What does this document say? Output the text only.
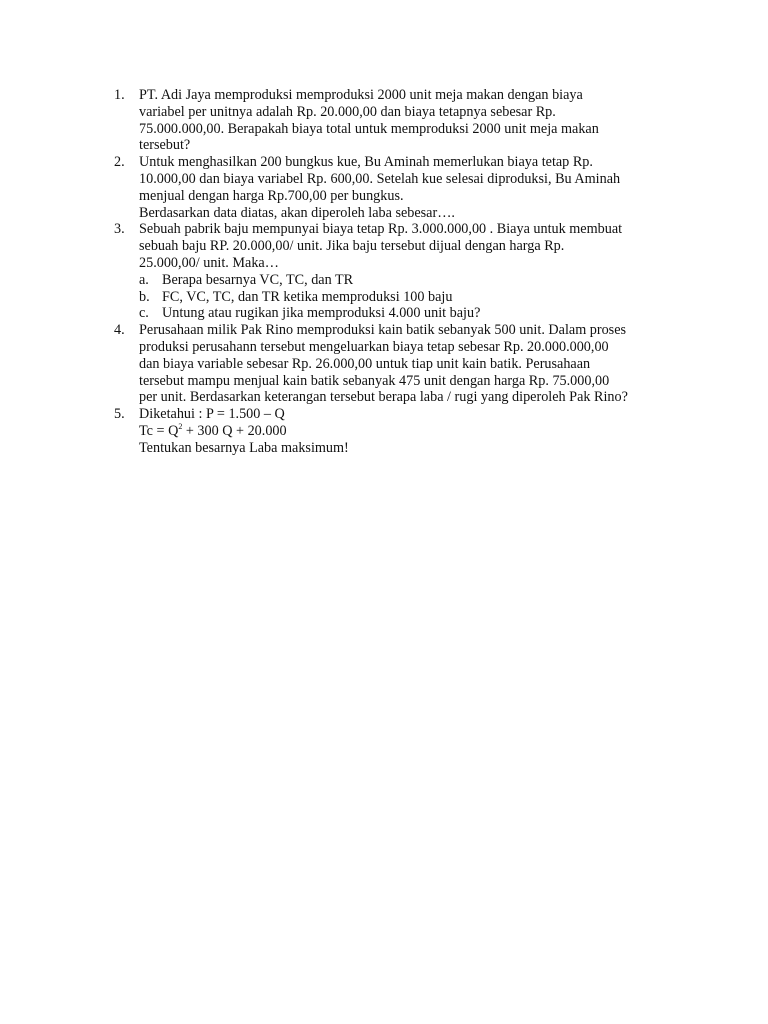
1. PT. Adi Jaya memproduksi memproduksi 2000 unit meja makan dengan biaya
variabel per unitnya adalah Rp. 20.000,00 dan biaya tetapnya sebesar Rp.
75.000.000,00. Berapakah biaya total untuk memproduksi 2000 unit meja makan
tersebut?
2. Untuk menghasilkan 200 bungkus kue, Bu Aminah memerlukan biaya tetap Rp.
10.000,00 dan biaya variabel Rp. 600,00. Setelah kue selesai diproduksi, Bu Aminah
menjual dengan harga Rp.700,00 per bungkus.
Berdasarkan data diatas, akan diperoleh laba sebesar….
3. Sebuah pabrik baju mempunyai biaya tetap Rp. 3.000.000,00 . Biaya untuk membuat
sebuah baju RP. 20.000,00/ unit. Jika baju tersebut dijual dengan harga Rp.
25.000,00/ unit. Maka…
a. Berapa besarnya VC, TC, dan TR
b. FC, VC, TC, dan TR ketika memproduksi 100 baju
c. Untung atau rugikan jika memproduksi 4.000 unit baju?
4. Perusahaan milik Pak Rino memproduksi kain batik sebanyak 500 unit. Dalam proses
produksi perusahann tersebut mengeluarkan biaya tetap sebesar Rp. 20.000.000,00
dan biaya variable sebesar Rp. 26.000,00 untuk tiap unit kain batik. Perusahaan
tersebut mampu menjual kain batik sebanyak 475 unit dengan harga Rp. 75.000,00
per unit. Berdasarkan keterangan tersebut berapa laba / rugi yang diperoleh Pak Rino?
5. Diketahui : P = 1.500 – Q
$Tc = Q^2 + 300$ Q + 20.000
Tentukan besarnya Laba maksimum!
